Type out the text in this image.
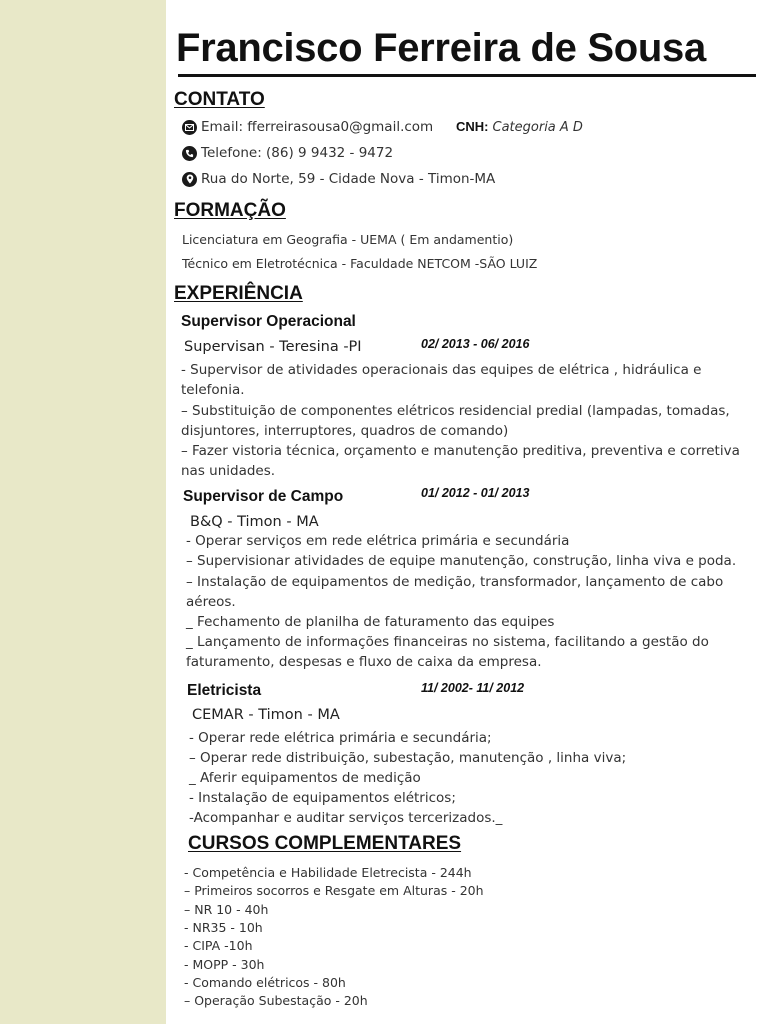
Francisco Ferreira de Sousa
CONTATO
Email: fferreirasousa0@gmail.com CNH: Categoria A D
Telefone: (86) 9 9432 - 9472
Rua do Norte, 59 - Cidade Nova - Timon-MA
FORMAÇÃO
Licenciatura em Geografia - UEMA ( Em andamentio)
Técnico em Eletrotécnica - Faculdade NETCOM -SÃO LUIZ
EXPERIÊNCIA
Supervisor Operacional
Supervisan - Teresina -PI	02/ 2013 - 06/ 2016
- Supervisor de atividades operacionais das equipes de elétrica , hidráulica e
telefonia.
– Substituição de componentes elétricos residencial predial (lampadas, tomadas,
disjuntores, interruptores, quadros de comando)
– Fazer vistoria técnica, orçamento e manutenção preditiva, preventiva e corretiva
nas unidades.
Supervisor de Campo	01/ 2012 - 01/ 2013
B&Q - Timon - MA
- Operar serviços em rede elétrica primária e secundária
– Supervisionar atividades de equipe manutenção, construção, linha viva e poda.
– Instalação de equipamentos de medição, transformador, lançamento de cabo
aéreos.
_ Fechamento de planilha de faturamento das equipes
_ Lançamento de informações financeiras no sistema, facilitando a gestão do
faturamento, despesas e fluxo de caixa da empresa.
Eletricista	11/ 2002- 11/ 2012
CEMAR - Timon - MA
- Operar rede elétrica primária e secundária;
– Operar rede distribuição, subestação, manutenção , linha viva;
_ Aferir equipamentos de medição
- Instalação de equipamentos elétricos;
-Acompanhar e auditar serviços tercerizados._
CURSOS COMPLEMENTARES
- Competência e Habilidade Eletrecista - 244h
– Primeiros socorros e Resgate em Alturas - 20h
– NR 10 - 40h
- NR35 - 10h
- CIPA -10h
- MOPP - 30h
- Comando elétricos - 80h
– Operação Subestação - 20h
